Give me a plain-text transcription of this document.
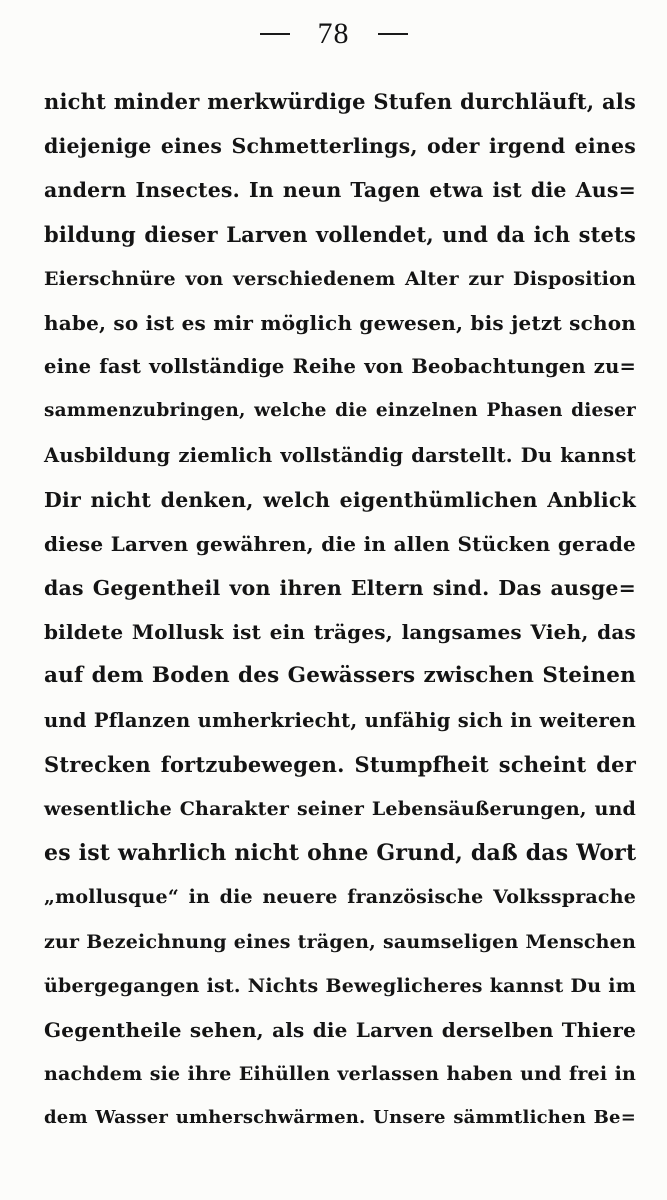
78
nicht minder merkwürdige Stufen durchläuft, als
diejenige eines Schmetterlings, oder irgend eines
andern Insectes. In neun Tagen etwa ist die Aus=
bildung dieser Larven vollendet, und da ich stets
Eierschnüre von verschiedenem Alter zur Disposition
habe, so ist es mir möglich gewesen, bis jetzt schon
eine fast vollständige Reihe von Beobachtungen zu=
sammenzubringen, welche die einzelnen Phasen dieser
Ausbildung ziemlich vollständig darstellt. Du kannst
Dir nicht denken, welch eigenthümlichen Anblick
diese Larven gewähren, die in allen Stücken gerade
das Gegentheil von ihren Eltern sind. Das ausge=
bildete Mollusk ist ein träges, langsames Vieh, das
auf dem Boden des Gewässers zwischen Steinen
und Pflanzen umherkriecht, unfähig sich in weiteren
Strecken fortzubewegen. Stumpfheit scheint der
wesentliche Charakter seiner Lebensäußerungen, und
es ist wahrlich nicht ohne Grund, daß das Wort
„mollusque“ in die neuere französische Volkssprache
zur Bezeichnung eines trägen, saumseligen Menschen
übergegangen ist. Nichts Beweglicheres kannst Du im
Gegentheile sehen, als die Larven derselben Thiere
nachdem sie ihre Eihüllen verlassen haben und frei in
dem Wasser umherschwärmen. Unsere sämmtlichen Be=
